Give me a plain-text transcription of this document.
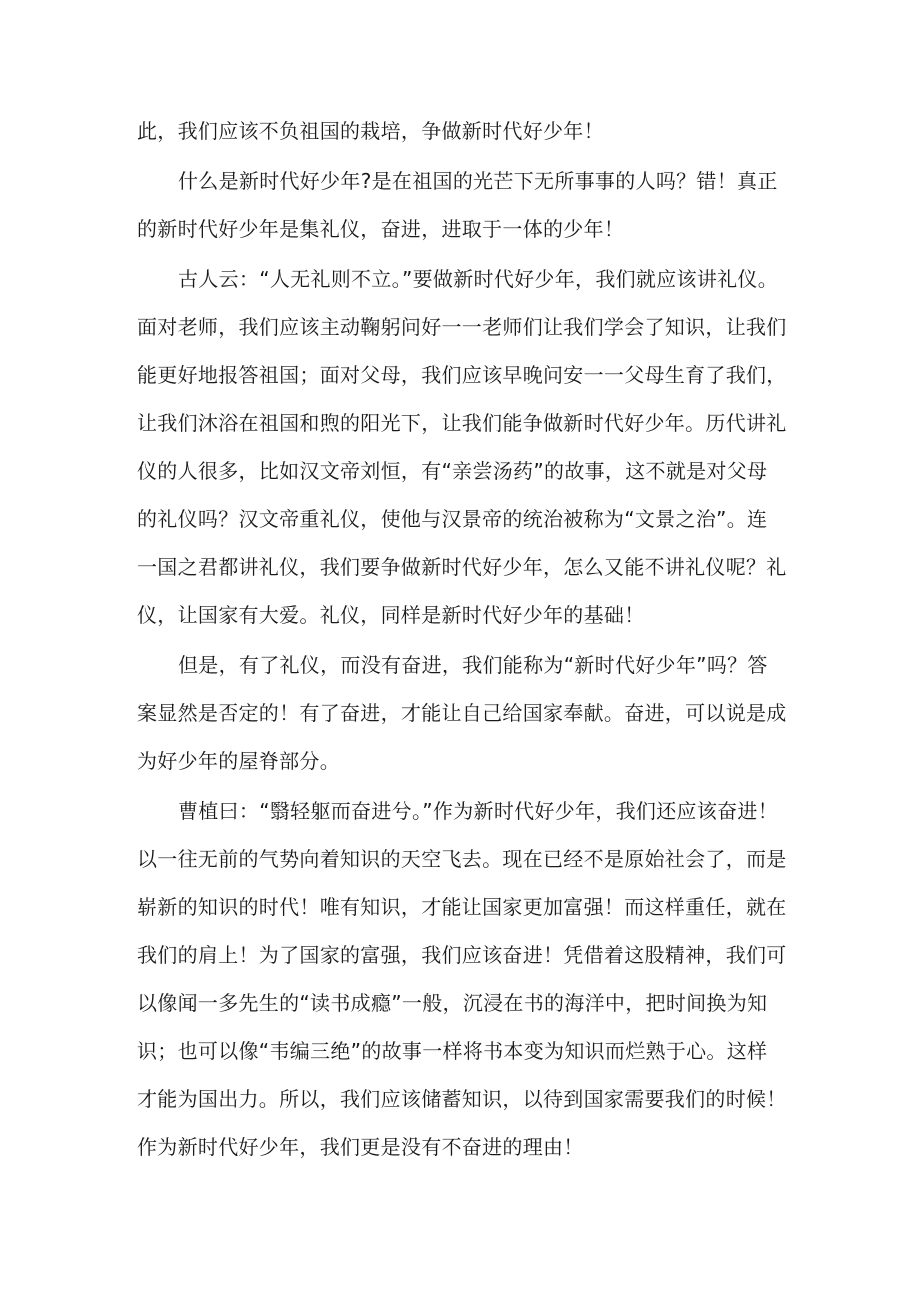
此，我们应该不负祖国的栽培，争做新时代好少年！
什么是新时代好少年?是在祖国的光芒下无所事事的人吗？错！真正
的新时代好少年是集礼仪，奋进，进取于一体的少年！
古人云：“人无礼则不立。”要做新时代好少年，我们就应该讲礼仪。
面对老师，我们应该主动鞠躬问好一一老师们让我们学会了知识，让我们
能更好地报答祖国；面对父母，我们应该早晚问安一一父母生育了我们，
让我们沐浴在祖国和煦的阳光下，让我们能争做新时代好少年。历代讲礼
仪的人很多，比如汉文帝刘恒，有“亲尝汤药”的故事，这不就是对父母
的礼仪吗？汉文帝重礼仪，使他与汉景帝的统治被称为“文景之治”。连
一国之君都讲礼仪，我们要争做新时代好少年，怎么又能不讲礼仪呢？礼
仪，让国家有大爱。礼仪，同样是新时代好少年的基础！
但是，有了礼仪，而没有奋进，我们能称为“新时代好少年”吗？答
案显然是否定的！有了奋进，才能让自己给国家奉献。奋进，可以说是成
为好少年的屋脊部分。
曹植曰：“翳轻躯而奋进兮。”作为新时代好少年，我们还应该奋进！
以一往无前的气势向着知识的天空飞去。现在已经不是原始社会了，而是
崭新的知识的时代！唯有知识，才能让国家更加富强！而这样重任，就在
我们的肩上！为了国家的富强，我们应该奋进！凭借着这股精神，我们可
以像闻一多先生的“读书成瘾”一般，沉浸在书的海洋中，把时间换为知
识；也可以像“韦编三绝”的故事一样将书本变为知识而烂熟于心。这样
才能为国出力。所以，我们应该储蓄知识，以待到国家需要我们的时候！
作为新时代好少年，我们更是没有不奋进的理由！
